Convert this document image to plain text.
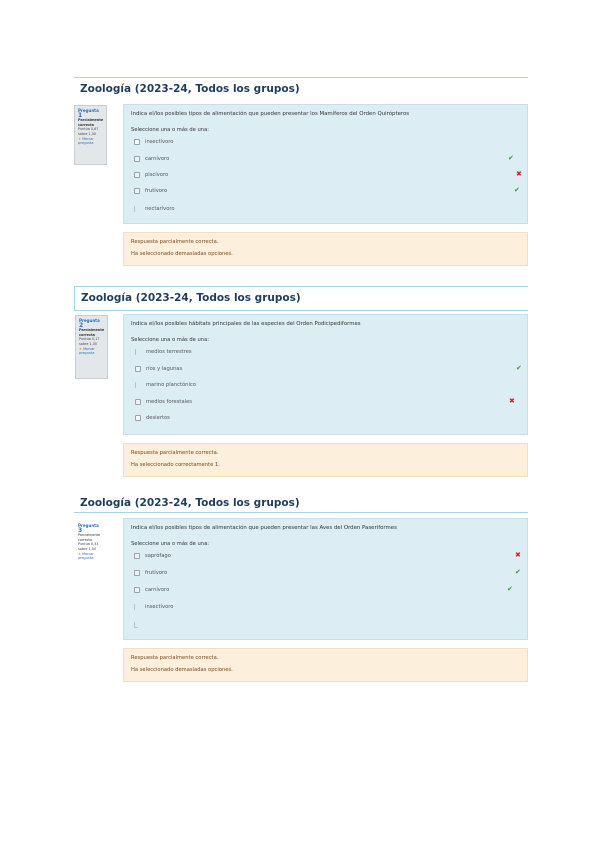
Zoología (2023-24, Todos los grupos)
Pregunta 1
Parcialmente correcta
Puntúa 0,67 sobre 1,00
★ Marcar pregunta
Indica el/los posibles tipos de alimentación que pueden presentar los Mamíferos del Orden Quirópteros
Seleccione una o más de una:
insectívoro
carnívoro	✔
piscívoro	✖
frutívoro	✔
nectarívoro
Respuesta parcialmente correcta.
Ha seleccionado demasiadas opciones.
Zoología (2023-24, Todos los grupos)
Pregunta 2
Parcialmente correcta
Puntúa 0,17 sobre 1,00
★ Marcar pregunta
Indica el/los posibles hábitats principales de las especies del Orden Podicipediformes
Seleccione una o más de una:
medios terrestres
ríos y lagunas	✔
marino planctónico
medios forestales	✖
desiertos
Respuesta parcialmente correcta.
Ha seleccionado correctamente 1.
Zoología (2023-24, Todos los grupos)
Pregunta 3
Parcialmente correcta
Puntúa 0,33 sobre 1,00
★ Marcar pregunta
Indica el/los posibles tipos de alimentación que pueden presentar las Aves del Orden Paseriformes
Seleccione una o más de una:
saprófago	✖
frutívoro	✔
carnívoro	✔
insectívoro
Respuesta parcialmente correcta.
Ha seleccionado demasiadas opciones.
